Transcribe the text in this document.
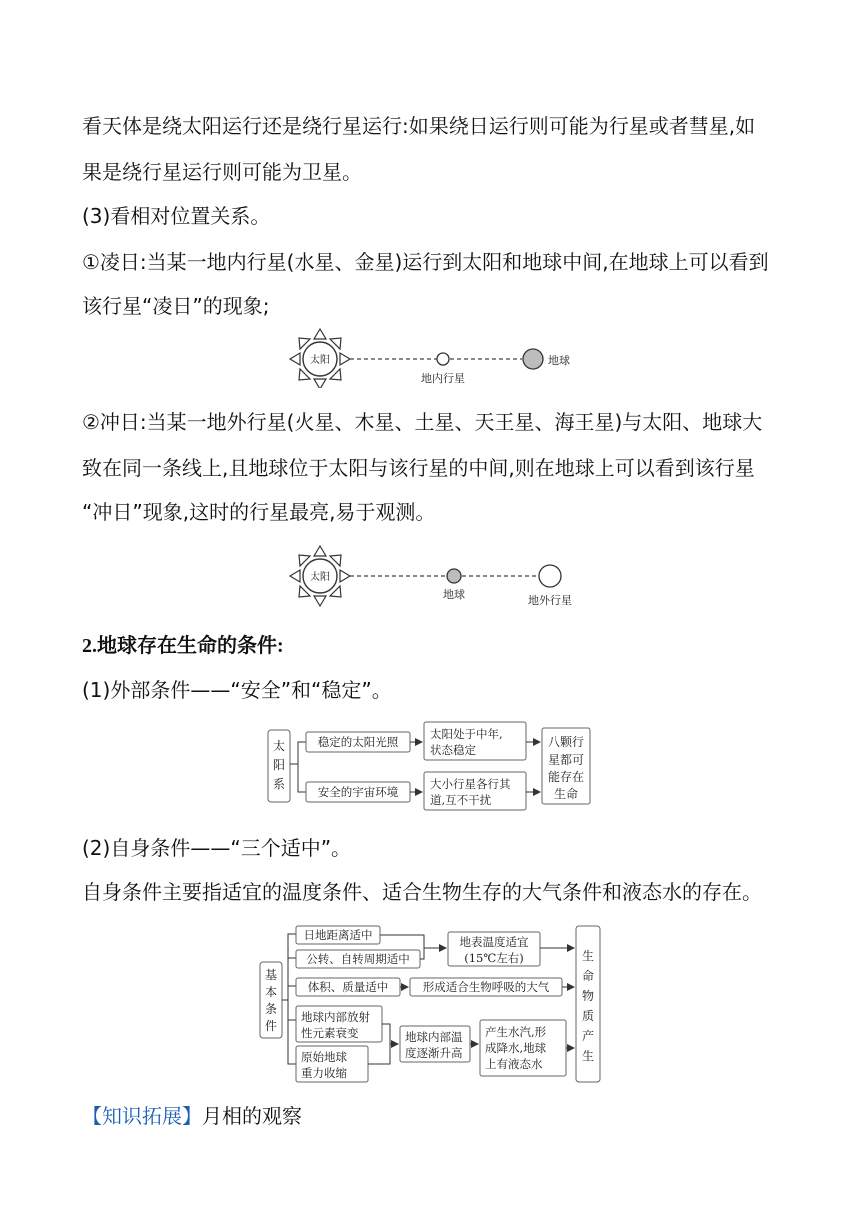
看天体是绕太阳运行还是绕行星运行:如果绕日运行则可能为行星或者彗星,如
果是绕行星运行则可能为卫星。
(3)看相对位置关系。
①凌日:当某一地内行星(水星、金星)运行到太阳和地球中间,在地球上可以看到
该行星“凌日”的现象;
太阳	地球
地内行星
②冲日:当某一地外行星(火星、木星、土星、天王星、海王星)与太阳、地球大
致在同一条线上,且地球位于太阳与该行星的中间,则在地球上可以看到该行星
“冲日”现象,这时的行星最亮,易于观测。
太阳
地球	地外行星
2.地球存在生命的条件:
(1)外部条件——“安全”和“稳定”。
太
阳
系
稳定的太阳光照
安全的宇宙环境
太阳处于中年,
状态稳定
大小行星各行其
道,互不干扰
八颗行
星都可
能存在
生命
(2)自身条件——“三个适中”。
自身条件主要指适宜的温度条件、适合生物生存的大气条件和液态水的存在。
基
本
条
件
日地距离适中
公转、自转周期适中
体积、质量适中
地球内部放射
性元素衰变
原始地球
重力收缩
地表温度适宜
(15℃左右)
形成适合生物呼吸的大气
地球内部温
度逐渐升高
产生水汽,形
成降水,地球
上有液态水
生
命
物
质
产
生
【知识拓展】月相的观察
